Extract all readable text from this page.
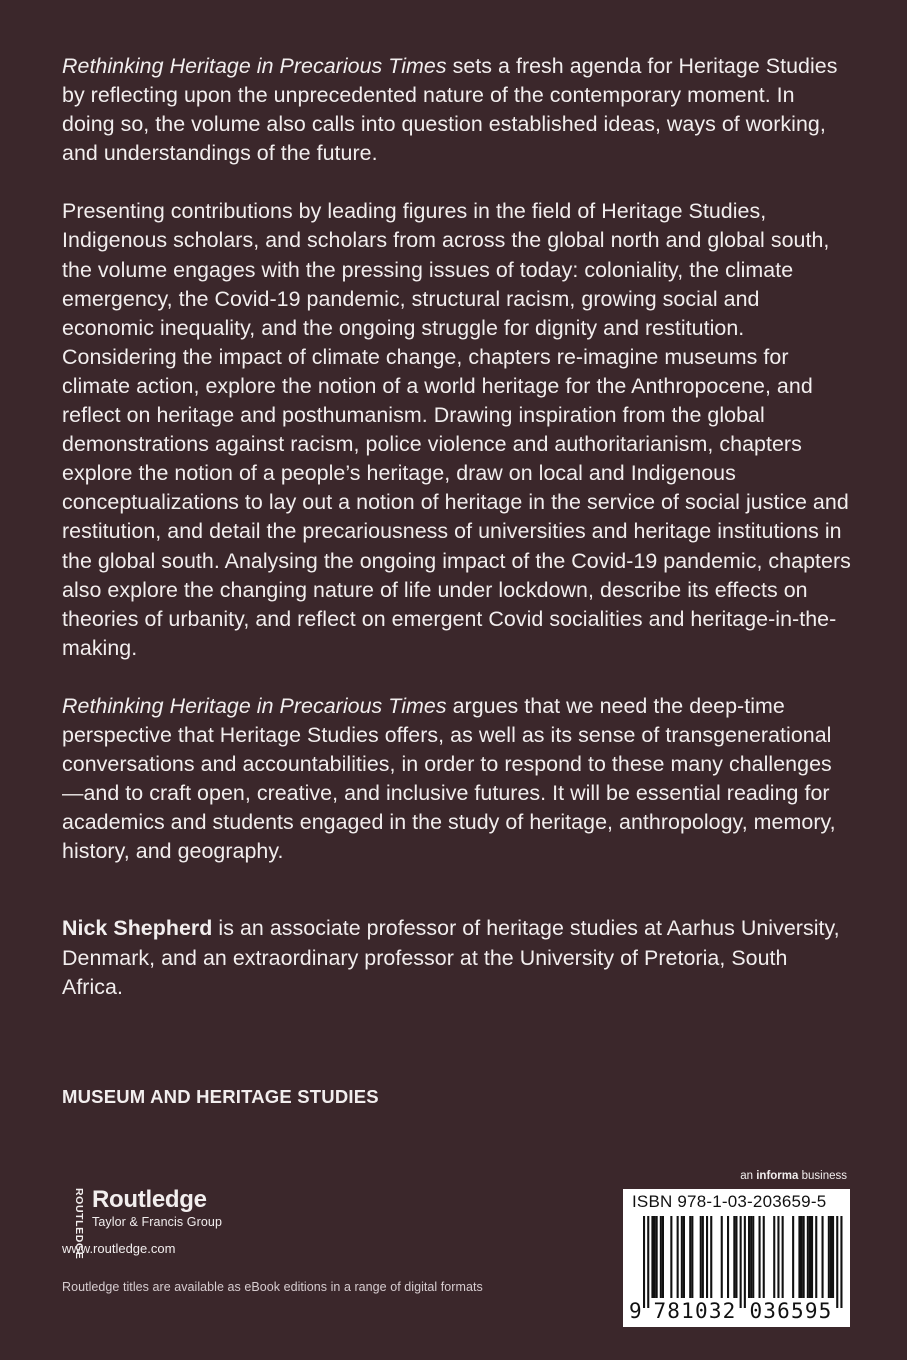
Rethinking Heritage in Precarious Times sets a fresh agenda for Heritage Studies by reflecting upon the unprecedented nature of the contemporary moment. In doing so, the volume also calls into question established ideas, ways of working, and understandings of the future.

Presenting contributions by leading figures in the field of Heritage Studies, Indigenous scholars, and scholars from across the global north and global south, the volume engages with the pressing issues of today: coloniality, the climate emergency, the Covid-19 pandemic, structural racism, growing social and economic inequality, and the ongoing struggle for dignity and restitution. Considering the impact of climate change, chapters re-imagine museums for climate action, explore the notion of a world heritage for the Anthropocene, and reflect on heritage and posthumanism. Drawing inspiration from the global demonstrations against racism, police violence and authoritarianism, chapters explore the notion of a people’s heritage, draw on local and Indigenous conceptualizations to lay out a notion of heritage in the service of social justice and restitution, and detail the precariousness of universities and heritage institutions in the global south. Analysing the ongoing impact of the Covid-19 pandemic, chapters also explore the changing nature of life under lockdown, describe its effects on theories of urbanity, and reflect on emergent Covid socialities and heritage-in-the-making.

Rethinking Heritage in Precarious Times argues that we need the deep-time perspective that Heritage Studies offers, as well as its sense of transgenerational conversations and accountabilities, in order to respond to these many challenges—and to craft open, creative, and inclusive futures. It will be essential reading for academics and students engaged in the study of heritage, anthropology, memory, history, and geography.

Nick Shepherd is an associate professor of heritage studies at Aarhus University, Denmark, and an extraordinary professor at the University of Pretoria, South Africa.

MUSEUM AND HERITAGE STUDIES
ROUTLEDGE Routledge
Taylor & Francis Group
www.routledge.com
Routledge titles are available as eBook editions in a range of digital formats
an informa business
ISBN 978-1-03-203659-5
9 781032 036595
